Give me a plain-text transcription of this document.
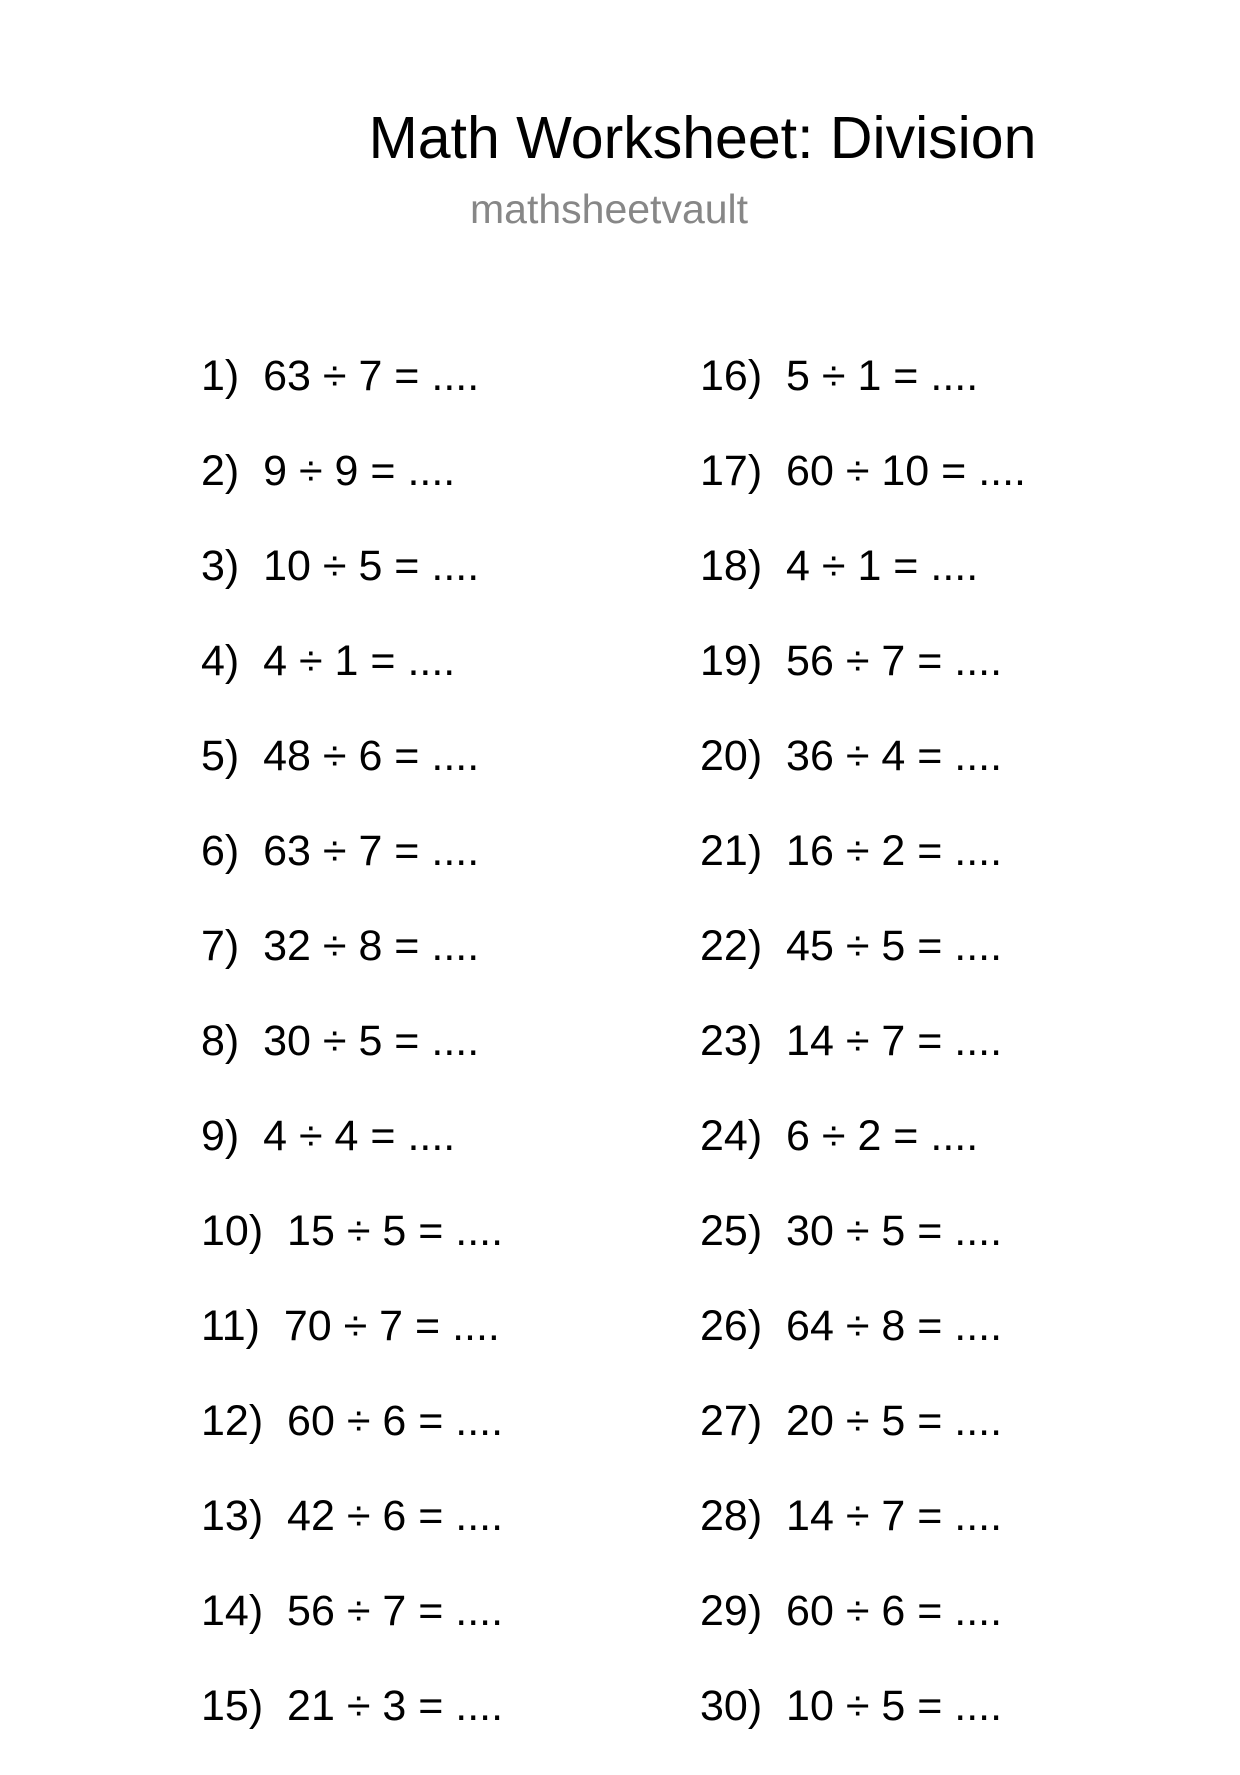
Math Worksheet: Division
mathsheetvault
1)  63 ÷ 7 = ....
2)  9 ÷ 9 = ....
3)  10 ÷ 5 = ....
4)  4 ÷ 1 = ....
5)  48 ÷ 6 = ....
6)  63 ÷ 7 = ....
7)  32 ÷ 8 = ....
8)  30 ÷ 5 = ....
9)  4 ÷ 4 = ....
10)  15 ÷ 5 = ....
11)  70 ÷ 7 = ....
12)  60 ÷ 6 = ....
13)  42 ÷ 6 = ....
14)  56 ÷ 7 = ....
15)  21 ÷ 3 = ....
16)  5 ÷ 1 = ....
17)  60 ÷ 10 = ....
18)  4 ÷ 1 = ....
19)  56 ÷ 7 = ....
20)  36 ÷ 4 = ....
21)  16 ÷ 2 = ....
22)  45 ÷ 5 = ....
23)  14 ÷ 7 = ....
24)  6 ÷ 2 = ....
25)  30 ÷ 5 = ....
26)  64 ÷ 8 = ....
27)  20 ÷ 5 = ....
28)  14 ÷ 7 = ....
29)  60 ÷ 6 = ....
30)  10 ÷ 5 = ....
